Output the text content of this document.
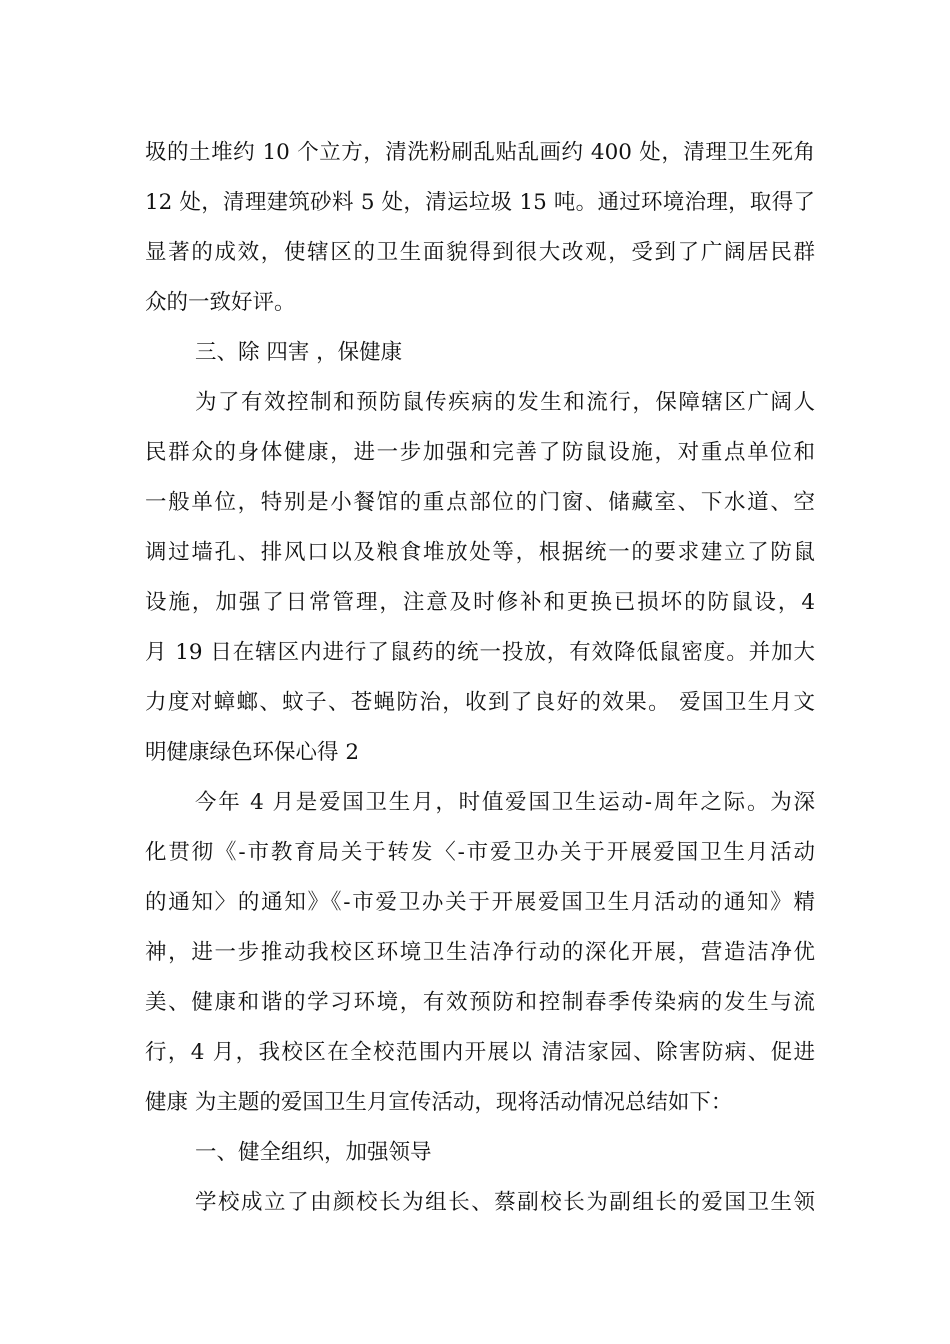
圾的土堆约 10 个立方，清洗粉刷乱贴乱画约 400 处，清理卫生死角
12 处，清理建筑砂料 5 处，清运垃圾 15 吨。通过环境治理，取得了
显著的成效，使辖区的卫生面貌得到很大改观，受到了广阔居民群
众的一致好评。
三、除 四害 ，保健康
为了有效控制和预防鼠传疾病的发生和流行，保障辖区广阔人
民群众的身体健康，进一步加强和完善了防鼠设施，对重点单位和
一般单位，特别是小餐馆的重点部位的门窗、储藏室、下水道、空
调过墙孔、排风口以及粮食堆放处等，根据统一的要求建立了防鼠
设施，加强了日常管理，注意及时修补和更换已损坏的防鼠设，4
月 19 日在辖区内进行了鼠药的统一投放，有效降低鼠密度。并加大
力度对蟑螂、蚊子、苍蝇防治，收到了良好的效果。 爱国卫生月文
明健康绿色环保心得 2
今年 4 月是爱国卫生月，时值爱国卫生运动-周年之际。为深
化贯彻《-市教育局关于转发〈-市爱卫办关于开展爱国卫生月活动
的通知〉的通知》《-市爱卫办关于开展爱国卫生月活动的通知》精
神，进一步推动我校区环境卫生洁净行动的深化开展，营造洁净优
美、健康和谐的学习环境，有效预防和控制春季传染病的发生与流
行，4 月，我校区在全校范围内开展以 清洁家园、除害防病、促进
健康 为主题的爱国卫生月宣传活动，现将活动情况总结如下：
一、健全组织，加强领导
学校成立了由颜校长为组长、蔡副校长为副组长的爱国卫生领
